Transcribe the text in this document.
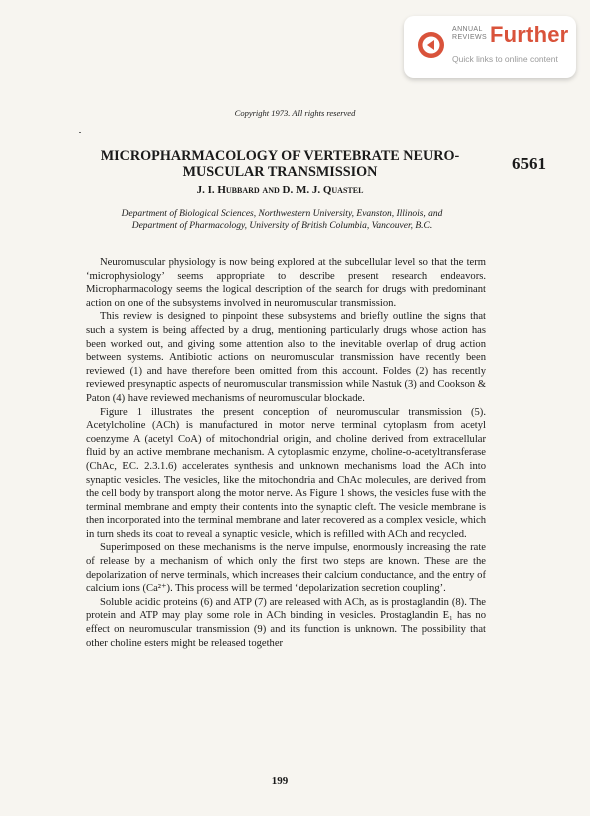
ANNUAL
REVIEWS Further
Quick links to online content
Copyright 1973. All rights reserved
MICROPHARMACOLOGY OF VERTEBRATE NEURO-
MUSCULAR TRANSMISSION	6561
J. I. Hubbard and D. M. J. Quastel
Department of Biological Sciences, Northwestern University, Evanston, Illinois, and
Department of Pharmacology, University of British Columbia, Vancouver, B.C.

Neuromuscular physiology is now being explored at the subcellular level so that the term ‘microphysiology’ seems appropriate to describe present research endeavors. Micropharmacology seems the logical description of the search for drugs with predominant action on one of the subsystems involved in neuromuscular transmission.

This review is designed to pinpoint these subsystems and briefly outline the signs that such a system is being affected by a drug, mentioning particularly drugs whose action has been worked out, and giving some attention also to the inevitable overlap of drug action between systems. Antibiotic actions on neuromuscular transmission have recently been reviewed (1) and have therefore been omitted from this account. Foldes (2) has recently reviewed presynaptic aspects of neuromuscular transmission while Nastuk (3) and Cookson & Paton (4) have reviewed mechanisms of neuromuscular blockade.

Figure 1 illustrates the present conception of neuromuscular transmission (5). Acetylcholine (ACh) is manufactured in motor nerve terminal cytoplasm from acetyl coenzyme A (acetyl CoA) of mitochondrial origin, and choline derived from extracellular fluid by an active membrane mechanism. A cytoplasmic enzyme, choline-o-acetyltransferase (ChAc, EC. 2.3.1.6) accelerates synthesis and unknown mechanisms load the ACh into synaptic vesicles. The vesicles, like the mitochondria and ChAc molecules, are derived from the cell body by transport along the motor nerve. As Figure 1 shows, the vesicles fuse with the terminal membrane and empty their contents into the synaptic cleft. The vesicle membrane is then incorporated into the terminal membrane and later recovered as a complex vesicle, which in turn sheds its coat to reveal a synaptic vesicle, which is refilled with ACh and recycled.

Superimposed on these mechanisms is the nerve impulse, enormously increasing the rate of release by a mechanism of which only the first two steps are known. These are the depolarization of nerve terminals, which increases their calcium conductance, and the entry of calcium ions (Ca²⁺). This process will be termed ‘depolarization secretion coupling’.

Soluble acidic proteins (6) and ATP (7) are released with ACh, as is prostaglandin (8). The protein and ATP may play some role in ACh binding in vesicles. Prostaglandin E₁ has no effect on neuromuscular transmission (9) and its function is unknown. The possibility that other choline esters might be released together

199
